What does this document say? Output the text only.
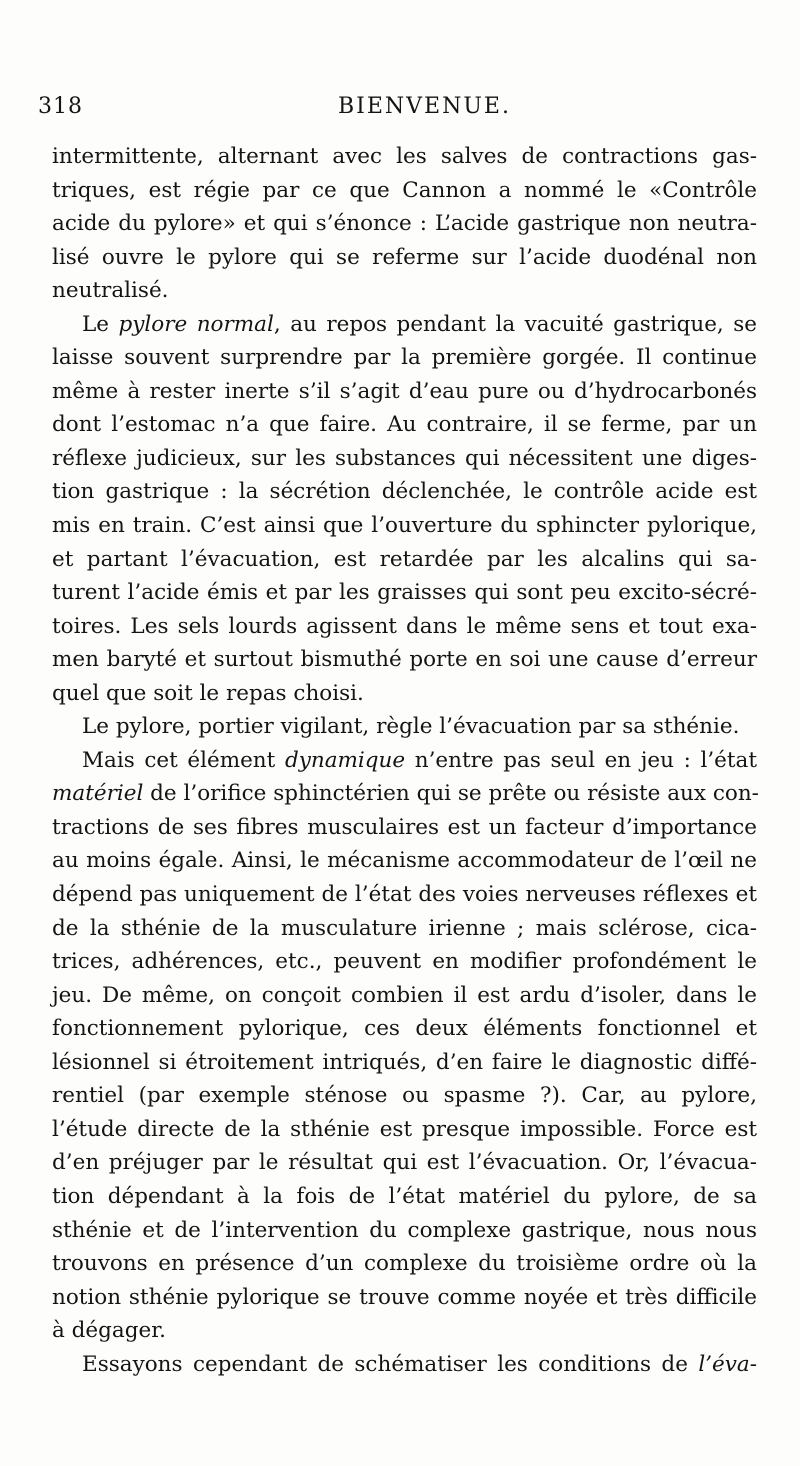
318	BIENVENUE.
intermittente, alternant avec les salves de contractions gas-
triques, est régie par ce que Cannon a nommé le «Contrôle
acide du pylore» et qui s’énonce : L’acide gastrique non neutra-
lisé ouvre le pylore qui se referme sur l’acide duodénal non
neutralisé.
Le pylore normal, au repos pendant la vacuité gastrique, se
laisse souvent surprendre par la première gorgée. Il continue
même à rester inerte s’il s’agit d’eau pure ou d’hydrocarbonés
dont l’estomac n’a que faire. Au contraire, il se ferme, par un
réflexe judicieux, sur les substances qui nécessitent une diges-
tion gastrique : la sécrétion déclenchée, le contrôle acide est
mis en train. C’est ainsi que l’ouverture du sphincter pylorique,
et partant l’évacuation, est retardée par les alcalins qui sa-
turent l’acide émis et par les graisses qui sont peu excito-sécré-
toires. Les sels lourds agissent dans le même sens et tout exa-
men baryté et surtout bismuthé porte en soi une cause d’erreur
quel que soit le repas choisi.
Le pylore, portier vigilant, règle l’évacuation par sa sthénie.
Mais cet élément dynamique n’entre pas seul en jeu : l’état
matériel de l’orifice sphinctérien qui se prête ou résiste aux con-
tractions de ses fibres musculaires est un facteur d’importance
au moins égale. Ainsi, le mécanisme accommodateur de l’œil ne
dépend pas uniquement de l’état des voies nerveuses réflexes et
de la sthénie de la musculature irienne ; mais sclérose, cica-
trices, adhérences, etc., peuvent en modifier profondément le
jeu. De même, on conçoit combien il est ardu d’isoler, dans le
fonctionnement pylorique, ces deux éléments fonctionnel et
lésionnel si étroitement intriqués, d’en faire le diagnostic diffé-
rentiel (par exemple sténose ou spasme ?). Car, au pylore,
l’étude directe de la sthénie est presque impossible. Force est
d’en préjuger par le résultat qui est l’évacuation. Or, l’évacua-
tion dépendant à la fois de l’état matériel du pylore, de sa
sthénie et de l’intervention du complexe gastrique, nous nous
trouvons en présence d’un complexe du troisième ordre où la
notion sthénie pylorique se trouve comme noyée et très difficile
à dégager.
Essayons cependant de schématiser les conditions de l’éva-
